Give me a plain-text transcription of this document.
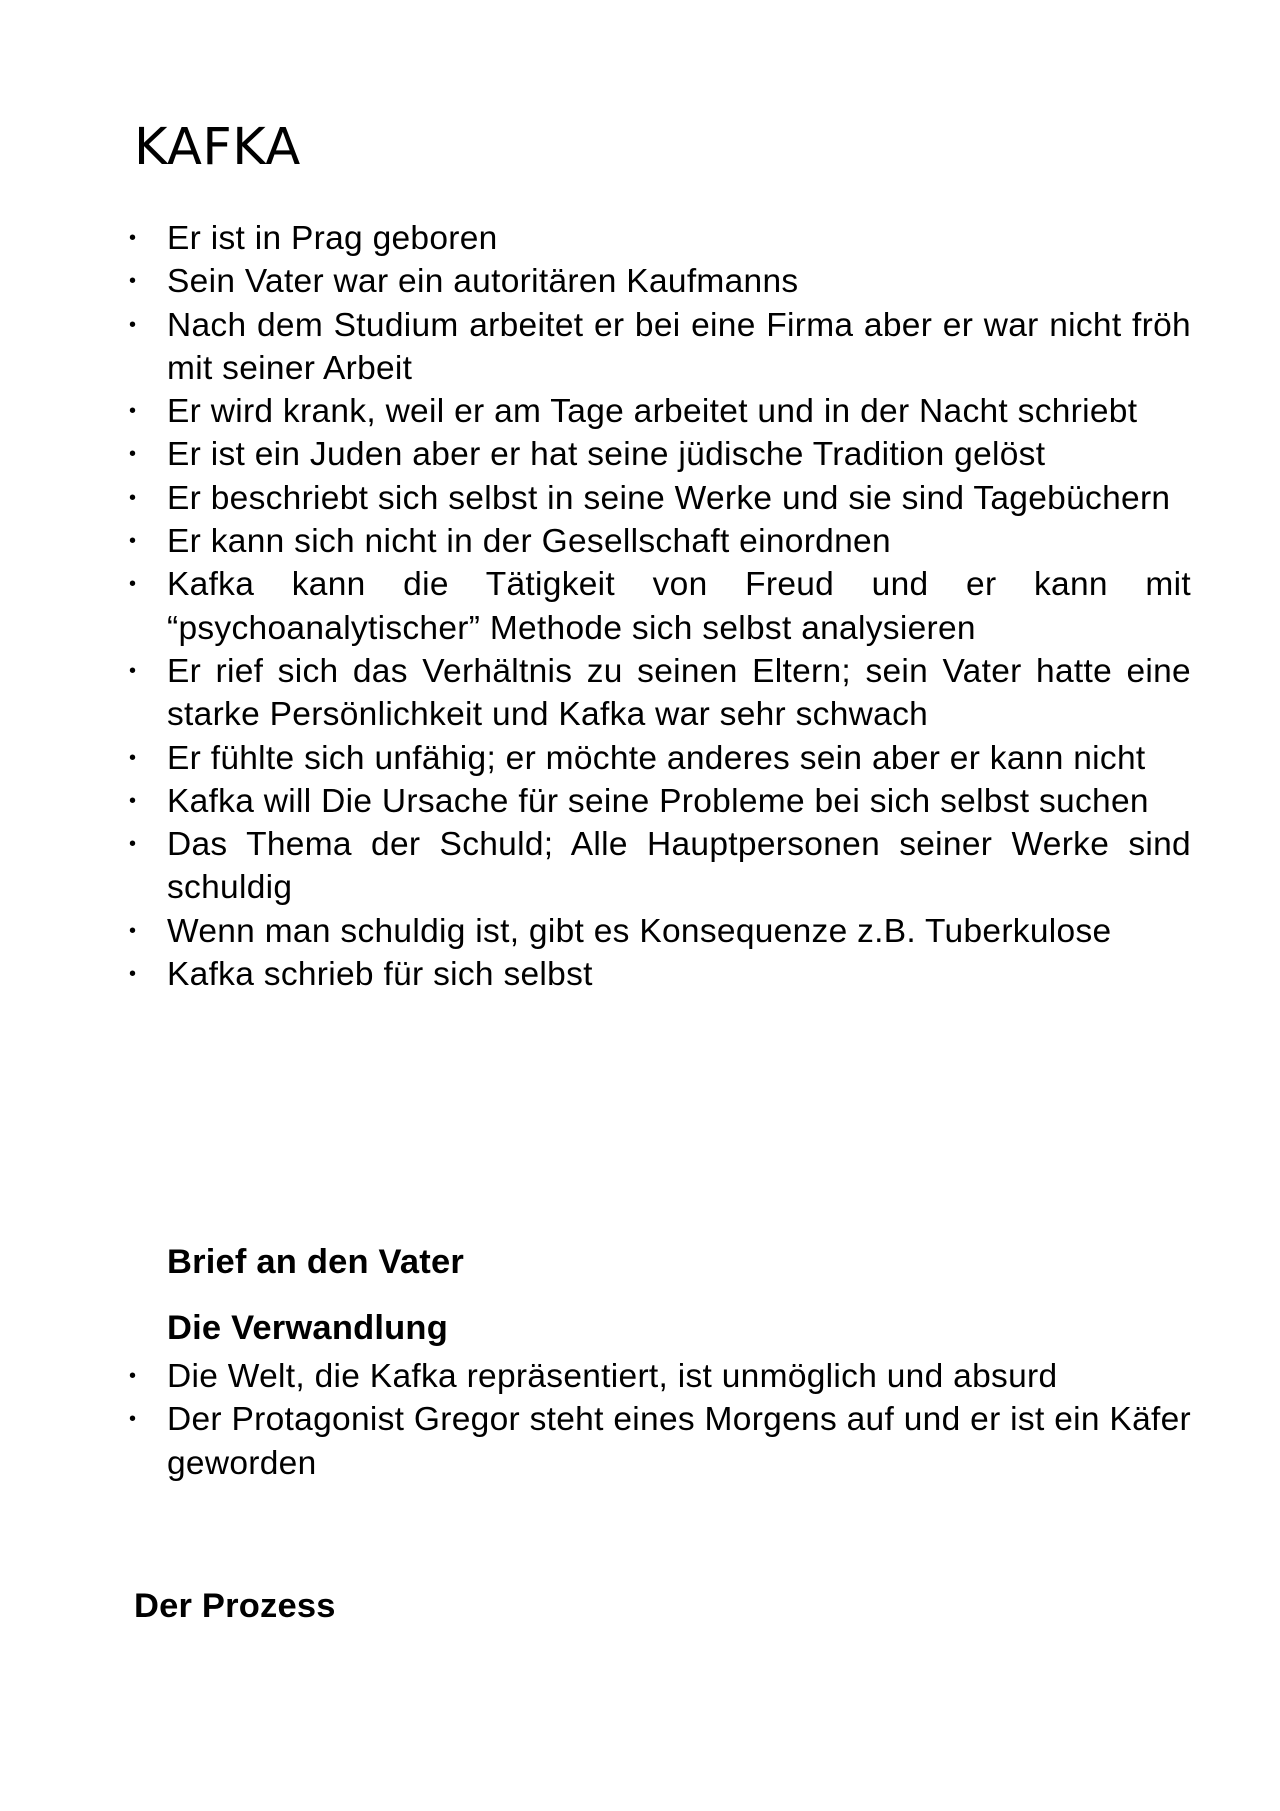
KAFKA
• Er ist in Prag geboren
• Sein Vater war ein autoritären Kaufmanns
• Nach dem Studium arbeitet er bei eine Firma aber er war nicht fröh mit seiner Arbeit
• Er wird krank, weil er am Tage arbeitet und in der Nacht schriebt
• Er ist ein Juden aber er hat seine jüdische Tradition gelöst
• Er beschriebt sich selbst in seine Werke und sie sind Tagebüchern
• Er kann sich nicht in der Gesellschaft einordnen
• Kafka kann die Tätigkeit von Freud und er kann mit “psychoanalytischer” Methode sich selbst analysieren
• Er rief sich das Verhältnis zu seinen Eltern; sein Vater hatte eine starke Persönlichkeit und Kafka war sehr schwach
• Er fühlte sich unfähig; er möchte anderes sein aber er kann nicht
• Kafka will Die Ursache für seine Probleme bei sich selbst suchen
• Das Thema der Schuld; Alle Hauptpersonen seiner Werke sind schuldig
• Wenn man schuldig ist, gibt es Konsequenze z.B. Tuberkulose
• Kafka schrieb für sich selbst
Brief an den Vater
Die Verwandlung
• Die Welt, die Kafka repräsentiert, ist unmöglich und absurd
• Der Protagonist Gregor steht eines Morgens auf und er ist ein Käfer geworden
Der Prozess
